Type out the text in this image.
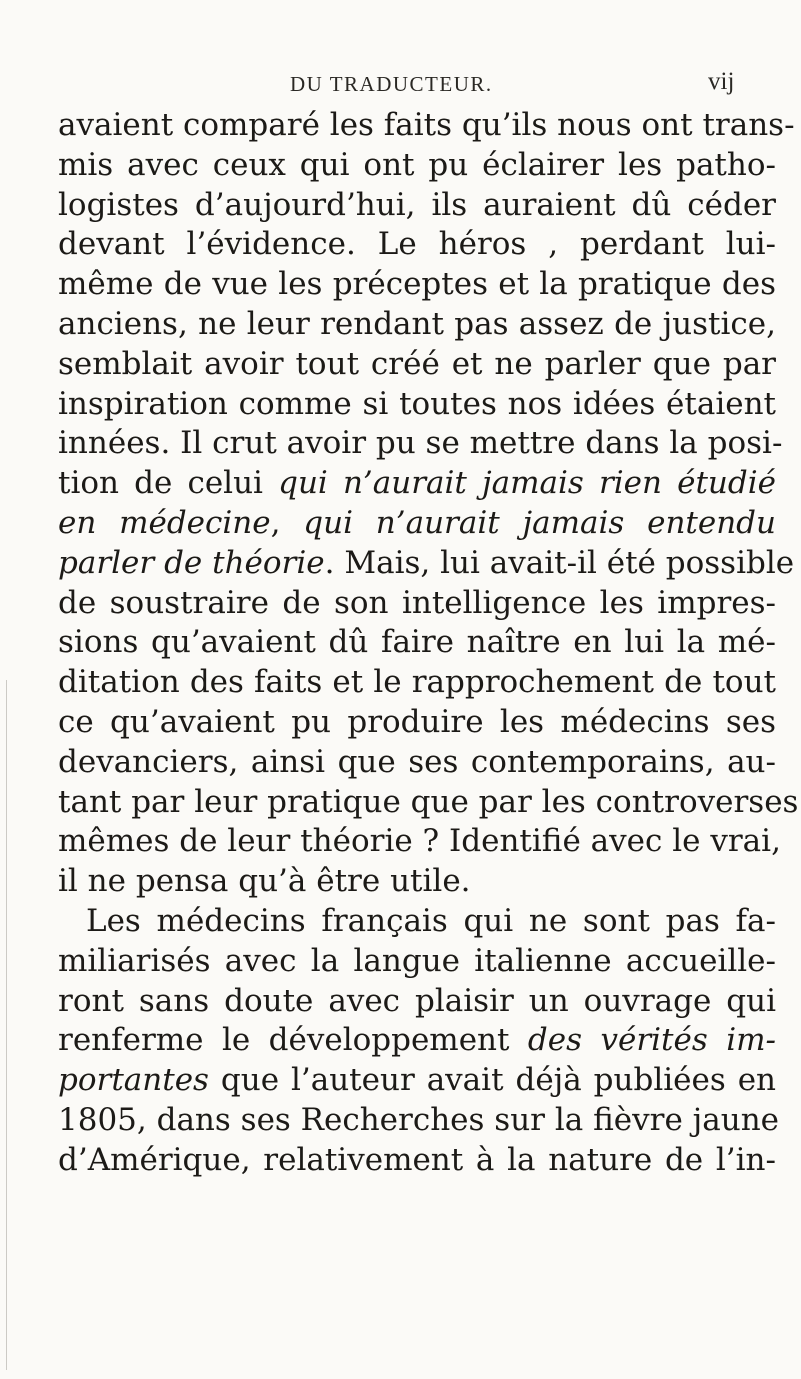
DU TRADUCTEUR.	vij
avaient comparé les faits qu’ils nous ont trans-
mis avec ceux qui ont pu éclairer les patho-
logistes d’aujourd’hui, ils auraient dû céder
devant l’évidence. Le héros , perdant lui-
même de vue les préceptes et la pratique des
anciens, ne leur rendant pas assez de justice,
semblait avoir tout créé et ne parler que par
inspiration comme si toutes nos idées étaient
innées. Il crut avoir pu se mettre dans la posi-
tion de celui qui n’aurait jamais rien étudié
en médecine, qui n’aurait jamais entendu
parler de théorie. Mais, lui avait-il été possible
de soustraire de son intelligence les impres-
sions qu’avaient dû faire naître en lui la mé-
ditation des faits et le rapprochement de tout
ce qu’avaient pu produire les médecins ses
devanciers, ainsi que ses contemporains, au-
tant par leur pratique que par les controverses
mêmes de leur théorie ? Identifié avec le vrai,
il ne pensa qu’à être utile.
Les médecins français qui ne sont pas fa-
miliarisés avec la langue italienne accueille-
ront sans doute avec plaisir un ouvrage qui
renferme le développement des vérités im-
portantes que l’auteur avait déjà publiées en
1805, dans ses Recherches sur la fièvre jaune
d’Amérique, relativement à la nature de l’in-
